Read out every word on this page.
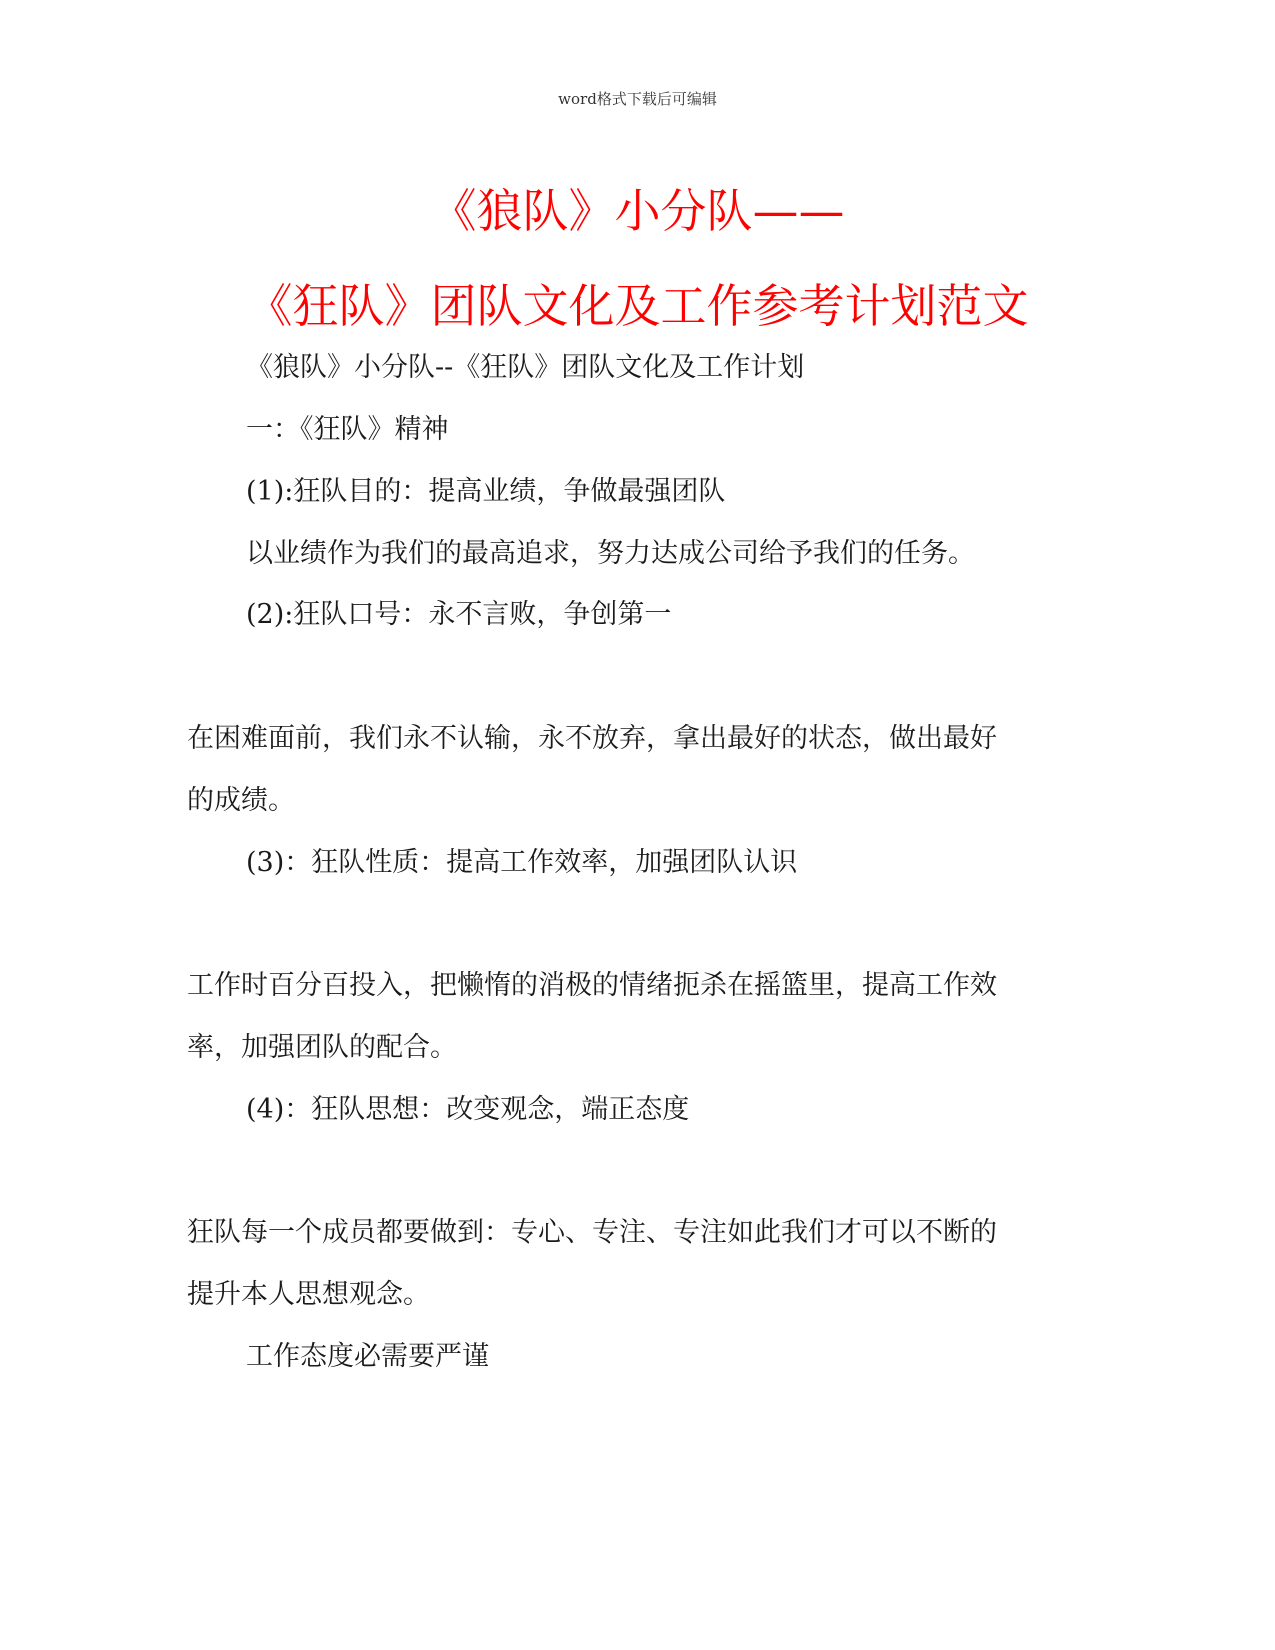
word格式下载后可编辑
《狼队》小分队——
《狂队》团队文化及工作参考计划范文
《狼队》小分队--《狂队》团队文化及工作计划
一：《狂队》精神
(1):狂队目的：提高业绩，争做最强团队
以业绩作为我们的最高追求，努力达成公司给予我们的任务。
(2):狂队口号：永不言败，争创第一
在困难面前，我们永不认输，永不放弃，拿出最好的状态，做出最好
的成绩。
(3)：狂队性质：提高工作效率，加强团队认识
工作时百分百投入，把懒惰的消极的情绪扼杀在摇篮里，提高工作效
率，加强团队的配合。
(4)：狂队思想：改变观念，端正态度
狂队每一个成员都要做到：专心、专注、专注如此我们才可以不断的
提升本人思想观念。
工作态度必需要严谨
